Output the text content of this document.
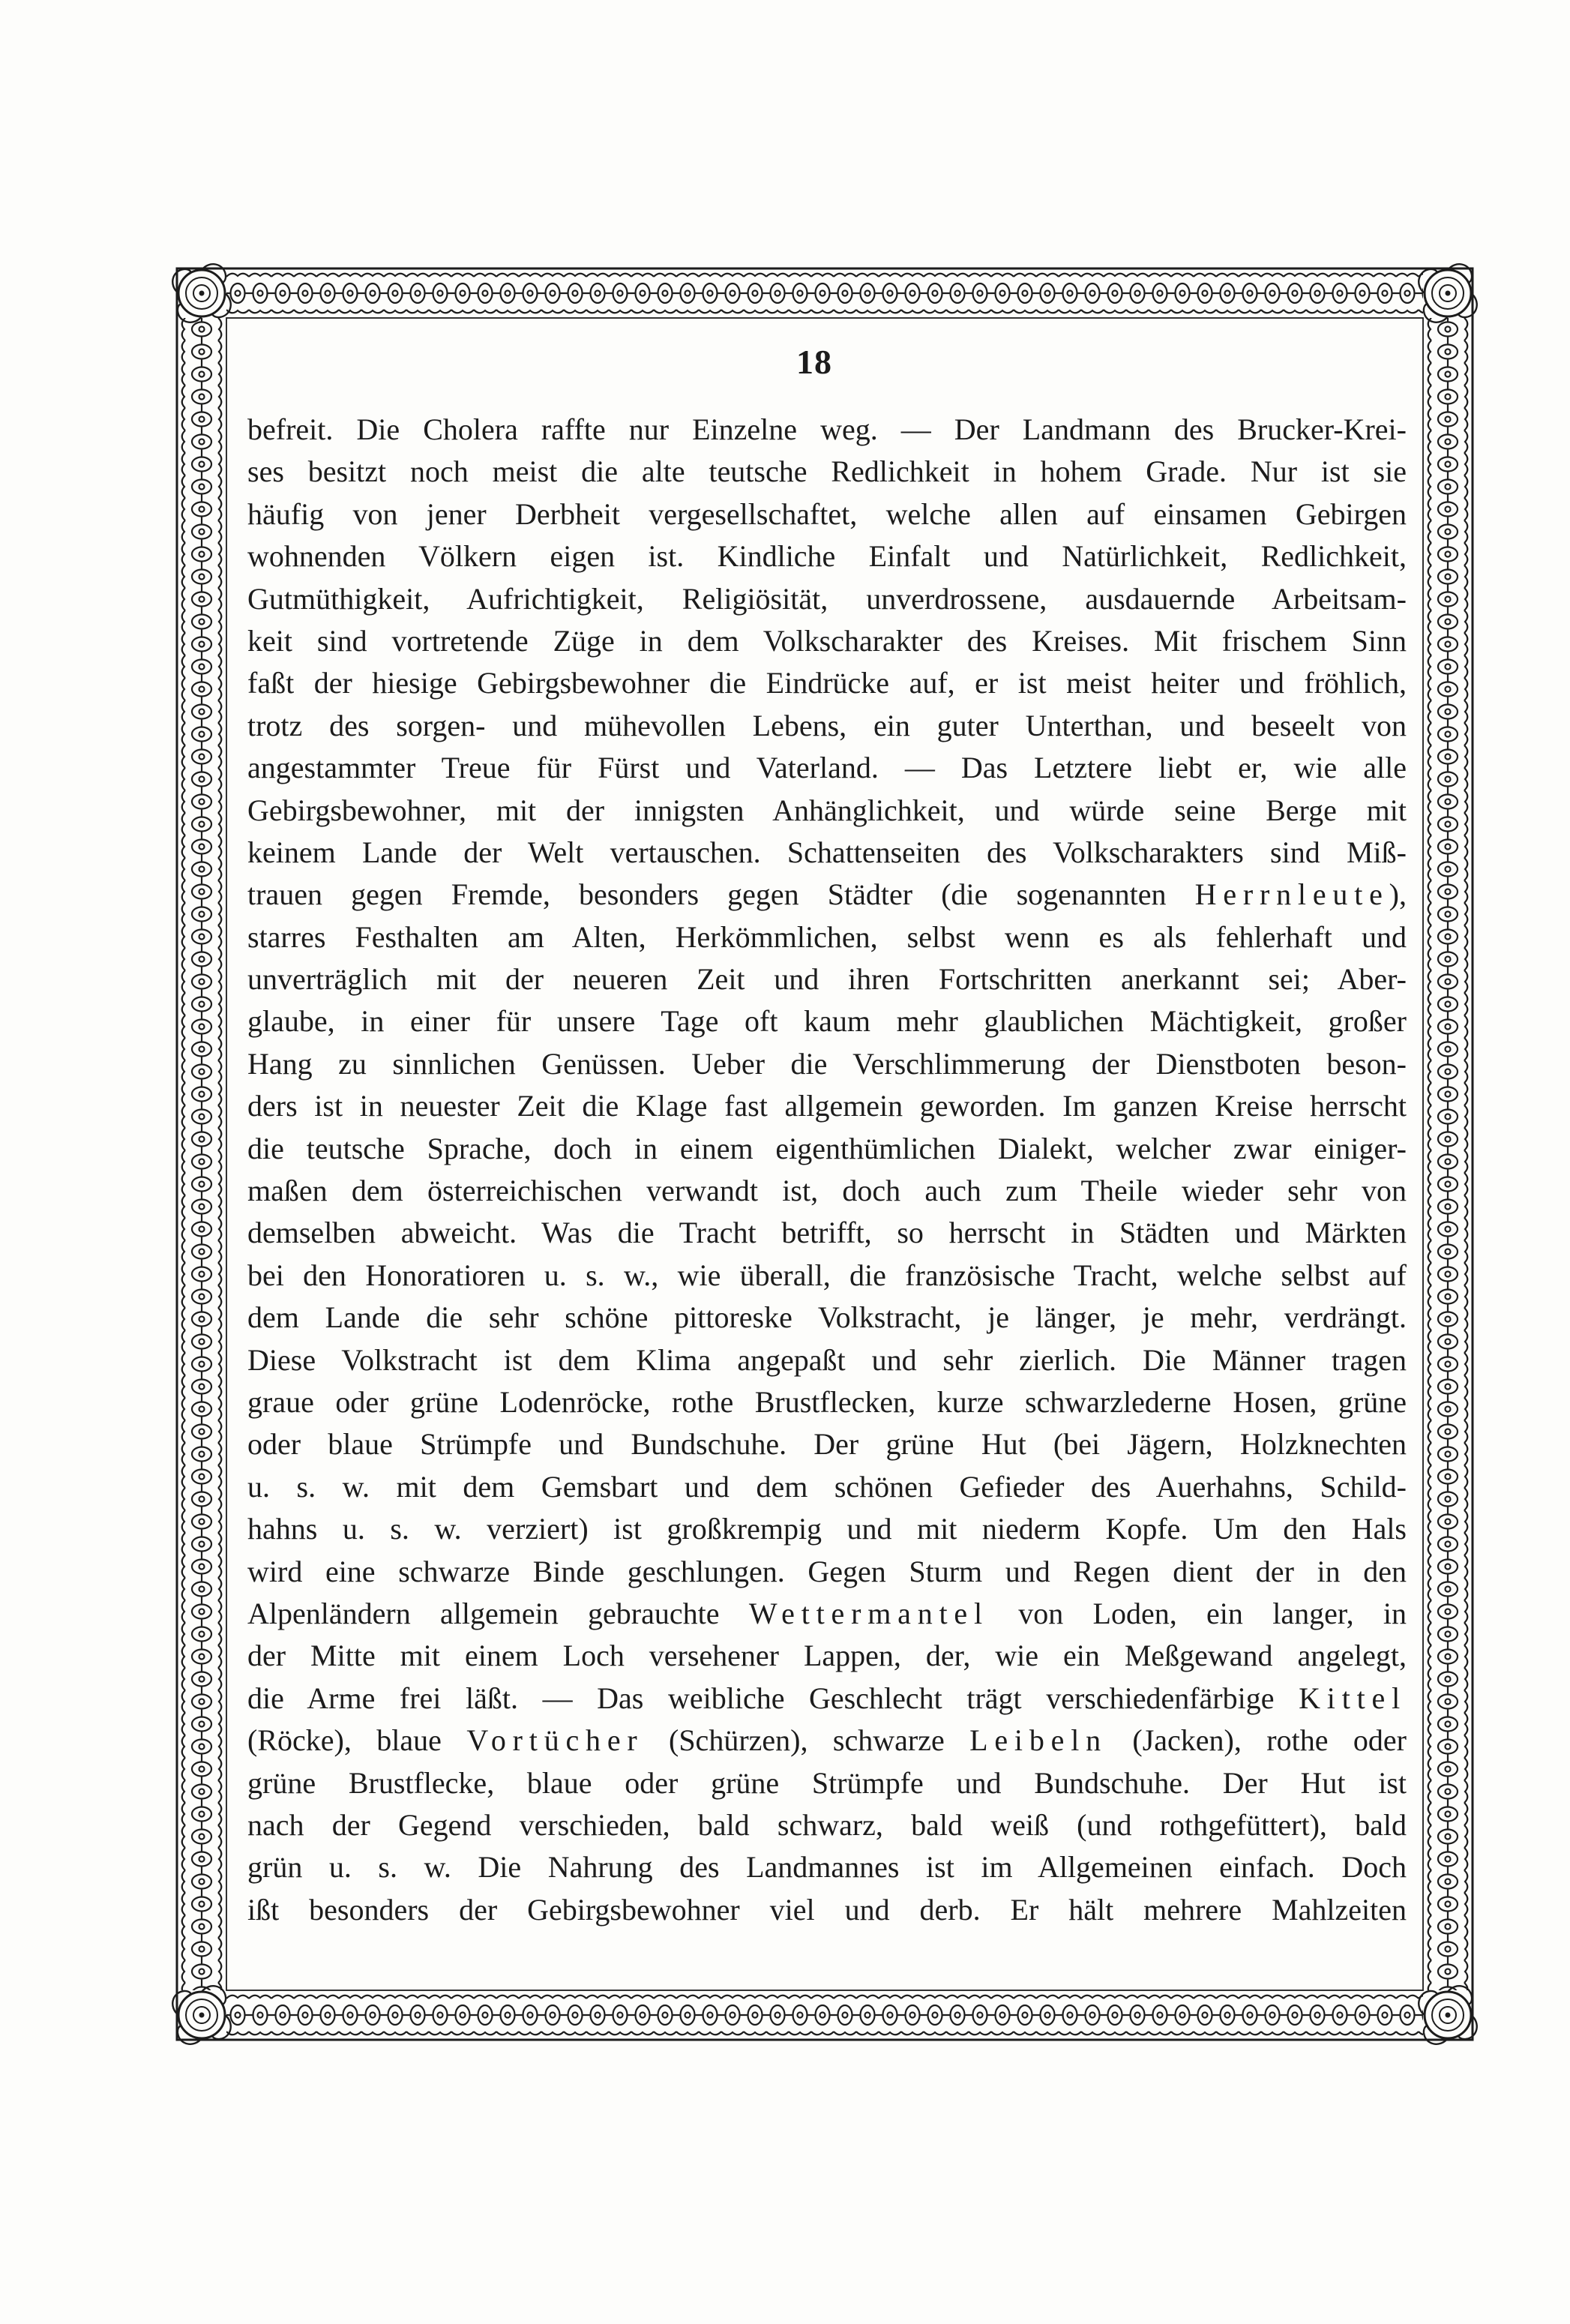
18
befreit. Die Cholera raffte nur Einzelne weg. — Der Landmann des Brucker-Krei-
ses besitzt noch meist die alte teutsche Redlichkeit in hohem Grade. Nur ist sie
häufig von jener Derbheit vergesellschaftet, welche allen auf einsamen Gebirgen
wohnenden Völkern eigen ist. Kindliche Einfalt und Natürlichkeit, Redlichkeit,
Gutmüthigkeit, Aufrichtigkeit, Religiösität, unverdrossene, ausdauernde Arbeitsam-
keit sind vortretende Züge in dem Volkscharakter des Kreises. Mit frischem Sinn
faßt der hiesige Gebirgsbewohner die Eindrücke auf, er ist meist heiter und fröhlich,
trotz des sorgen- und mühevollen Lebens, ein guter Unterthan, und beseelt von
angestammter Treue für Fürst und Vaterland. — Das Letztere liebt er, wie alle
Gebirgsbewohner, mit der innigsten Anhänglichkeit, und würde seine Berge mit
keinem Lande der Welt vertauschen. Schattenseiten des Volkscharakters sind Miß-
trauen gegen Fremde, besonders gegen Städter (die sogenannten Herrnleute),
starres Festhalten am Alten, Herkömmlichen, selbst wenn es als fehlerhaft und
unverträglich mit der neueren Zeit und ihren Fortschritten anerkannt sei; Aber-
glaube, in einer für unsere Tage oft kaum mehr glaublichen Mächtigkeit, großer
Hang zu sinnlichen Genüssen. Ueber die Verschlimmerung der Dienstboten beson-
ders ist in neuester Zeit die Klage fast allgemein geworden. Im ganzen Kreise herrscht
die teutsche Sprache, doch in einem eigenthümlichen Dialekt, welcher zwar einiger-
maßen dem österreichischen verwandt ist, doch auch zum Theile wieder sehr von
demselben abweicht. Was die Tracht betrifft, so herrscht in Städten und Märkten
bei den Honoratioren u. s. w., wie überall, die französische Tracht, welche selbst auf
dem Lande die sehr schöne pittoreske Volkstracht, je länger, je mehr, verdrängt.
Diese Volkstracht ist dem Klima angepaßt und sehr zierlich. Die Männer tragen
graue oder grüne Lodenröcke, rothe Brustflecken, kurze schwarzlederne Hosen, grüne
oder blaue Strümpfe und Bundschuhe. Der grüne Hut (bei Jägern, Holzknechten
u. s. w. mit dem Gemsbart und dem schönen Gefieder des Auerhahns, Schild-
hahns u. s. w. verziert) ist großkrempig und mit niederm Kopfe. Um den Hals
wird eine schwarze Binde geschlungen. Gegen Sturm und Regen dient der in den
Alpenländern allgemein gebrauchte Wettermantel von Loden, ein langer, in
der Mitte mit einem Loch versehener Lappen, der, wie ein Meßgewand angelegt,
die Arme frei läßt. — Das weibliche Geschlecht trägt verschiedenfärbige Kittel
(Röcke), blaue Vortücher (Schürzen), schwarze Leibeln (Jacken), rothe oder
grüne Brustflecke, blaue oder grüne Strümpfe und Bundschuhe. Der Hut ist
nach der Gegend verschieden, bald schwarz, bald weiß (und rothgefüttert), bald
grün u. s. w. Die Nahrung des Landmannes ist im Allgemeinen einfach. Doch
ißt besonders der Gebirgsbewohner viel und derb. Er hält mehrere Mahlzeiten
